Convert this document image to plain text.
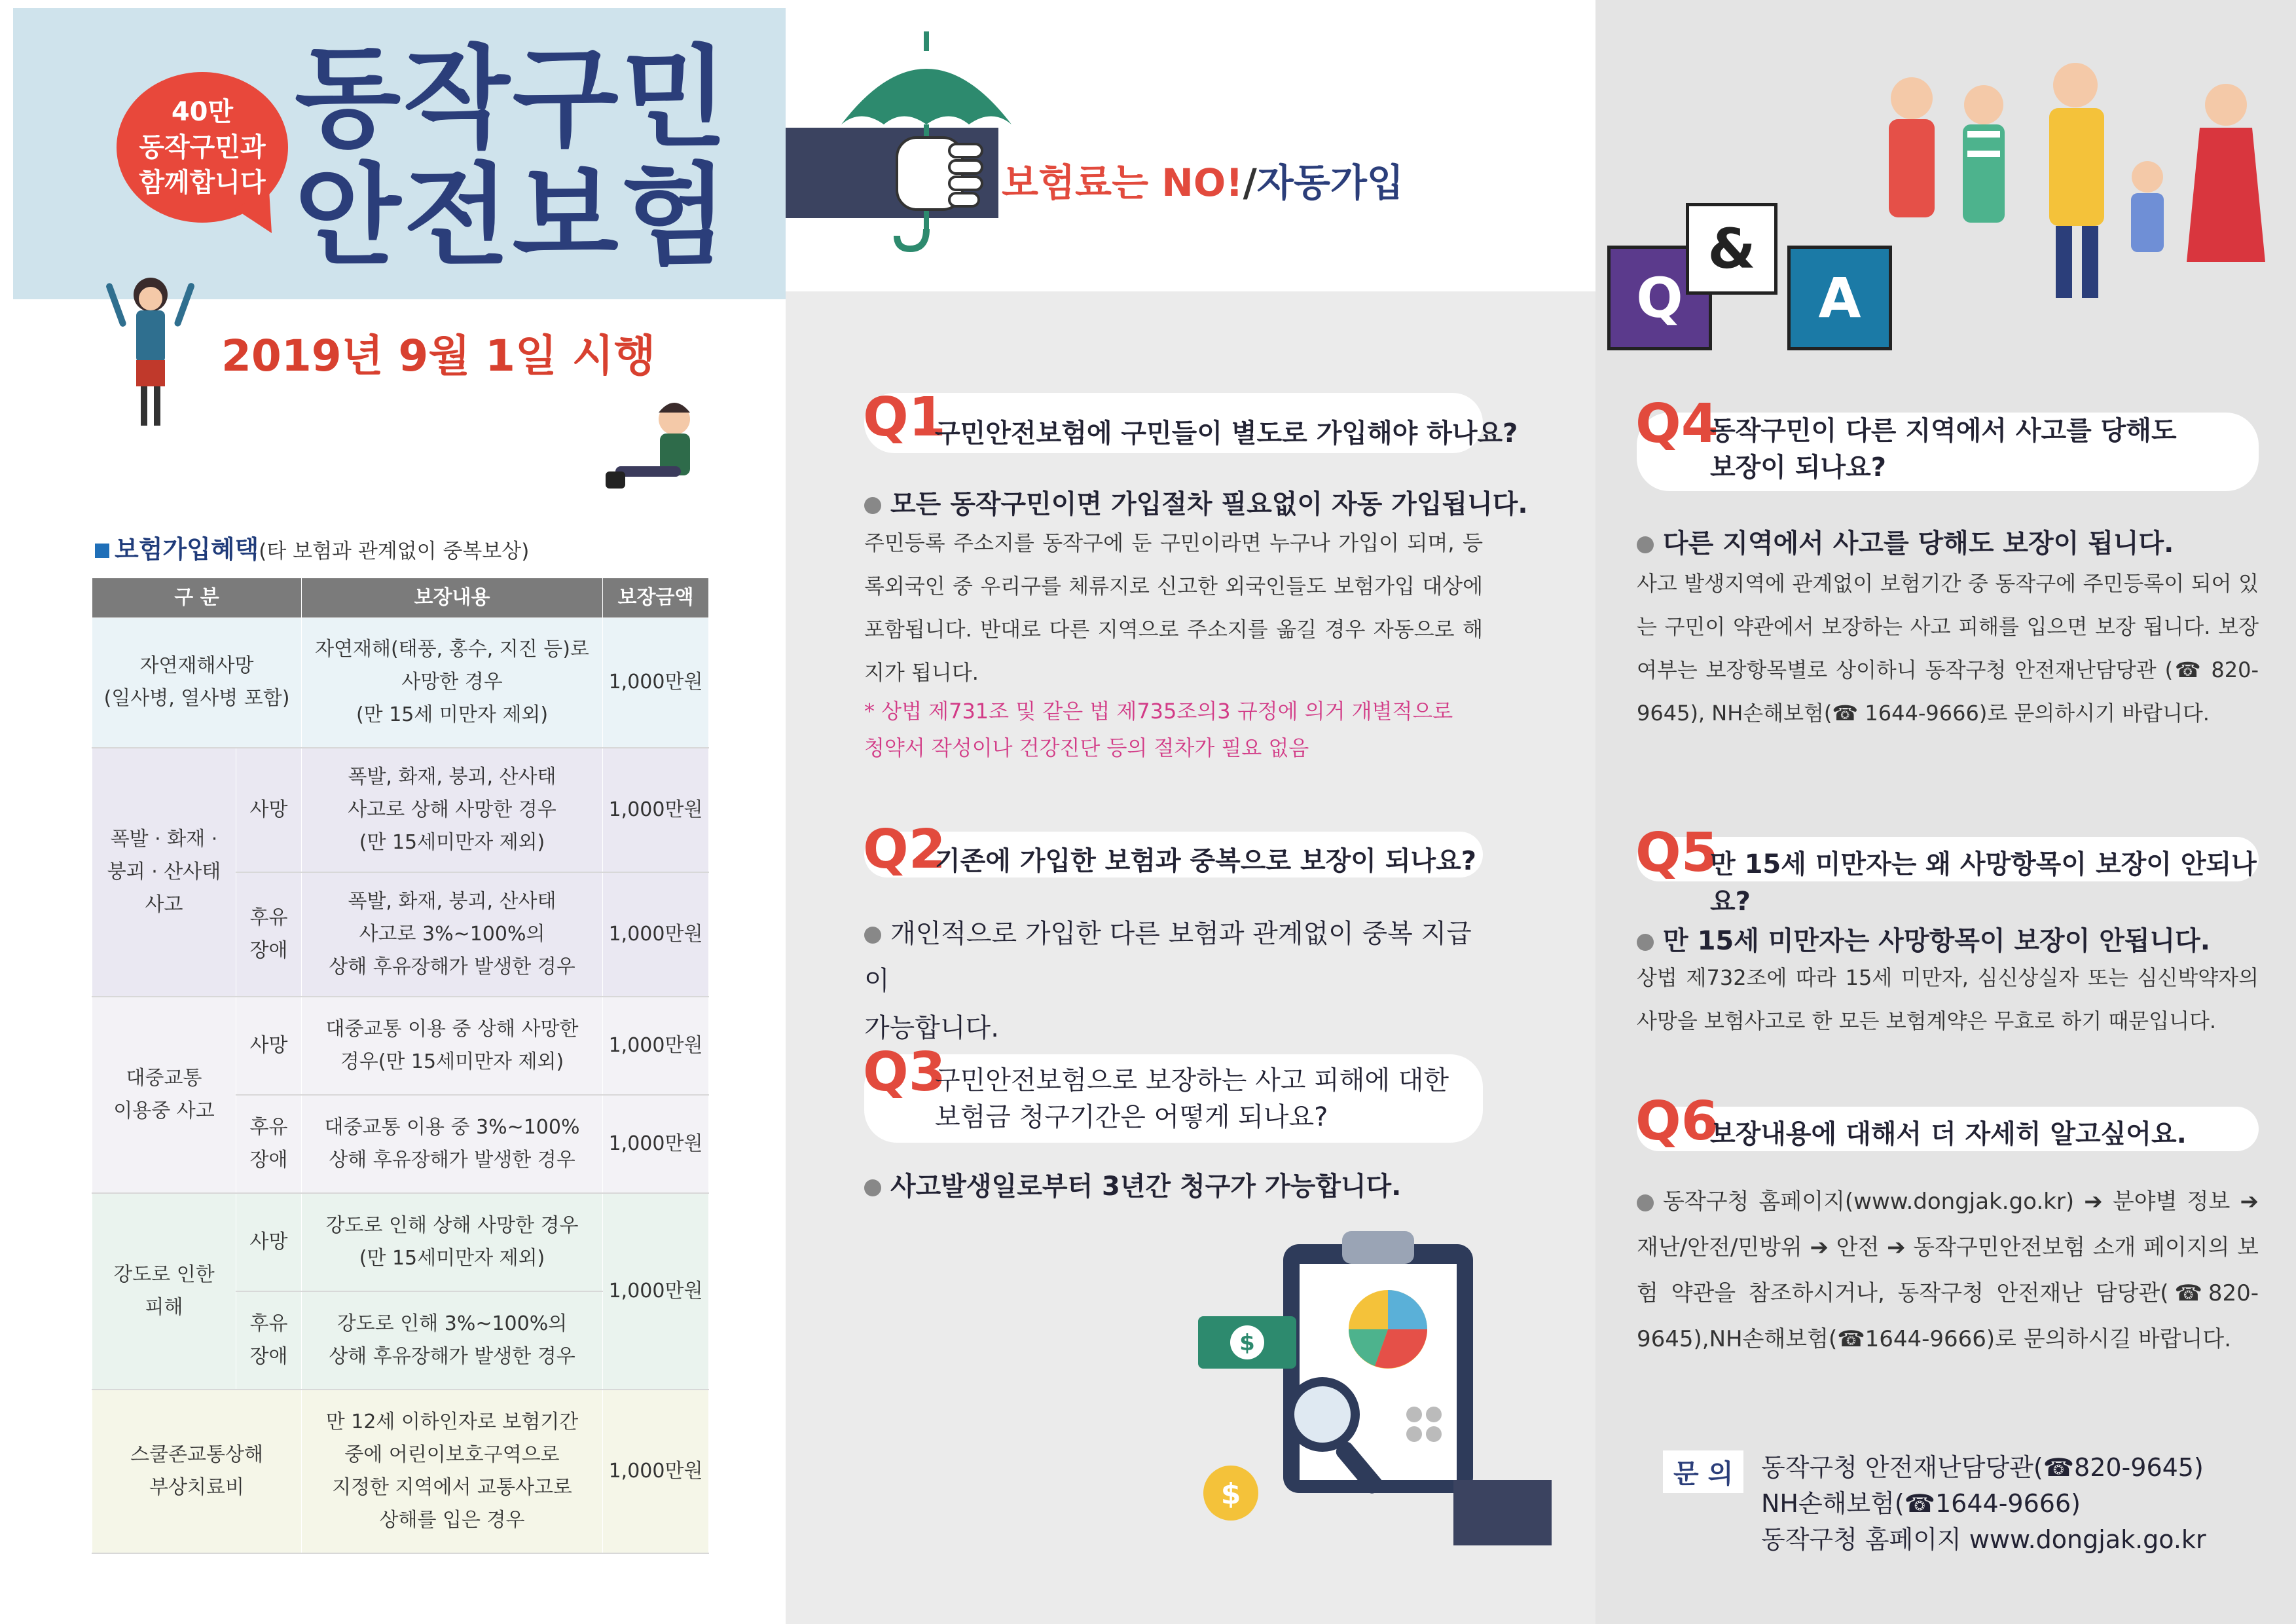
40만
동작구민과
함께합니다
동작구민
안전보험
2019년 9월 1일 시행
보험가입혜택(타 보험과 관계없이 중복보상)
구 분		보장내용	보장금액
자연재해사망
(일사병, 열사병 포함)		자연재해(태풍, 홍수, 지진 등)로
사망한 경우
(만 15세 미만자 제외)	1,000만원
폭발 · 화재 ·
붕괴 · 산사태
사고	사망	폭발, 화재, 붕괴, 산사태
사고로 상해 사망한 경우
(만 15세미만자 제외)	1,000만원
	후유
장애	폭발, 화재, 붕괴, 산사태
사고로 3%~100%의
상해 후유장해가 발생한 경우	1,000만원
대중교통
이용중 사고	사망	대중교통 이용 중 상해 사망한
경우(만 15세미만자 제외)	1,000만원
	후유
장애	대중교통 이용 중 3%~100%
상해 후유장해가 발생한 경우	1,000만원
강도로 인한
피해	사망	강도로 인해 상해 사망한 경우
(만 15세미만자 제외)	1,000만원
	후유
장애	강도로 인해 3%~100%의
상해 후유장해가 발생한 경우	
스쿨존교통상해
부상치료비		만 12세 이하인자로 보험기간
중에 어린이보호구역으로
지정한 지역에서 교통사고로
상해를 입은 경우	1,000만원
보험료는 NO!/자동가입
Q
&
A
Q1
구민안전보험에 구민들이 별도로 가입해야 하나요?
모든 동작구민이면 가입절차 필요없이 자동 가입됩니다.
주민등록 주소지를 동작구에 둔 구민이라면 누구나 가입이 되며, 등록외국인 중 우리구를 체류지로 신고한 외국인들도 보험가입 대상에 포함됩니다. 반대로 다른 지역으로 주소지를 옮길 경우 자동으로 해지가 됩니다.
* 상법 제731조 및 같은 법 제735조의3 규정에 의거 개별적으로
청약서 작성이나 건강진단 등의 절차가 필요 없음
Q2
기존에 가입한 보험과 중복으로 보장이 되나요?
개인적으로 가입한 다른 보험과 관계없이 중복 지급이
가능합니다.
Q3
구민안전보험으로 보장하는 사고 피해에 대한
보험금 청구기간은 어떻게 되나요?
사고발생일로부터 3년간 청구가 가능합니다.
$
$
Q4
동작구민이 다른 지역에서 사고를 당해도
보장이 되나요?
다른 지역에서 사고를 당해도 보장이 됩니다.
사고 발생지역에 관계없이 보험기간 중 동작구에 주민등록이 되어 있는 구민이 약관에서 보장하는 사고 피해를 입으면 보장 됩니다. 보장여부는 보장항목별로 상이하니 동작구청 안전재난담당관 (☎ 820-9645), NH손해보험(☎ 1644-9666)로 문의하시기 바랍니다.
Q5
만 15세 미만자는 왜 사망항목이 보장이 안되나요?
만 15세 미만자는 사망항목이 보장이 안됩니다.
상법 제732조에 따라 15세 미만자, 심신상실자 또는 심신박약자의 사망을 보험사고로 한 모든 보험계약은 무효로 하기 때문입니다.
Q6
보장내용에 대해서 더 자세히 알고싶어요.
동작구청 홈페이지(www.dongjak.go.kr) ➔ 분야별 정보 ➔ 재난/안전/민방위 ➔ 안전 ➔ 동작구민안전보험 소개 페이지의 보험 약관을 참조하시거나, 동작구청 안전재난 담당관(☎820-9645),NH손해보험(☎1644-9666)로 문의하시길 바랍니다.
문 의	동작구청 안전재난담당관(☎820-9645)
NH손해보험(☎1644-9666)
동작구청 홈페이지 www.dongjak.go.kr
